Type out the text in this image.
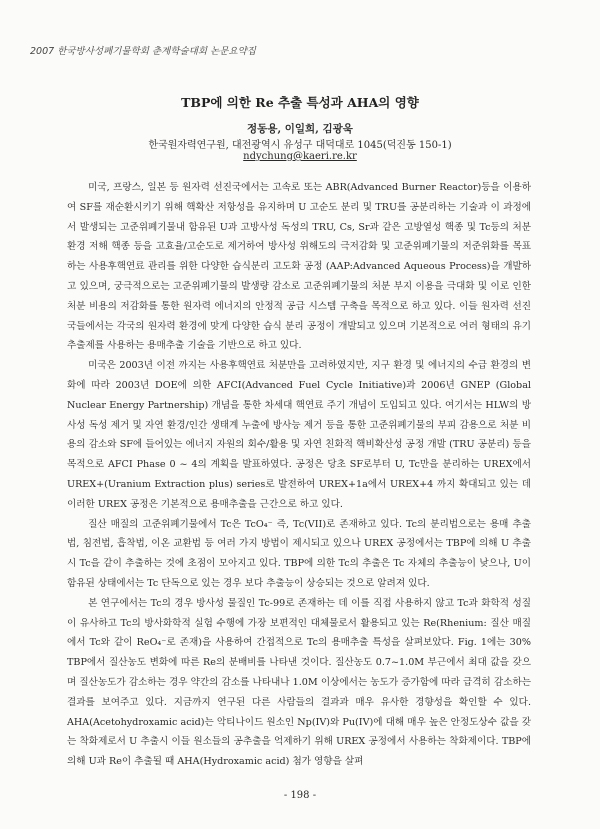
2007 한국방사성폐기물학회 춘계학술대회 논문요약집
TBP에 의한 Re 추출 특성과 AHA의 영향
정동용, 이일희, 김광욱
한국원자력연구원, 대전광역시 유성구 대덕대로 1045(덕진동 150-1)
ndychung@kaeri.re.kr

미국, 프랑스, 일본 등 원자력 선진국에서는 고속로 또는 ABR(Advanced Burner Reactor)등을 이용하여 SF를 재순환시키기 위해 핵확산 저항성을 유지하며 U 고순도 분리 및 TRU를 공분리하는 기술과 이 과정에서 발생되는 고준위폐기물내 함유된 U과 고방사성 독성의 TRU, Cs, Sr과 같은 고방열성 핵종 및 Tc등의 처분 환경 저해 핵종 등을 고효율/고순도로 제거하여 방사성 위해도의 극저감화 및 고준위폐기물의 저준위화를 목표하는 사용후핵연료 관리를 위한 다양한 습식분리 고도화 공정 (AAP:Advanced Aqueous Process)을 개발하고 있으며, 궁극적으로는 고준위폐기물의 발생량 감소로 고준위폐기물의 처분 부지 이용을 극대화 및 이로 인한 처분 비용의 저감화를 통한 원자력 에너지의 안정적 공급 시스템 구축을 목적으로 하고 있다. 이들 원자력 선진국들에서는 각국의 원자력 환경에 맞게 다양한 습식 분리 공정이 개발되고 있으며 기본적으로 여러 형태의 유기 추출제를 사용하는 용매추출 기술을 기반으로 하고 있다.

미국은 2003년 이전 까지는 사용후핵연료 처분만을 고려하였지만, 지구 환경 및 에너지의 수급 환경의 변화에 따라 2003년 DOE에 의한 AFCI(Advanced Fuel Cycle Initiative)과 2006년 GNEP (Global Nuclear Energy Partnership) 개념을 통한 차세대 핵연료 주기 개념이 도입되고 있다. 여기서는 HLW의 방사성 독성 제거 및 자연 환경/인간 생태계 누출에 방사능 제거 등을 통한 고준위폐기물의 부피 감용으로 처분 비용의 감소와 SF에 들어있는 에너지 자원의 회수/활용 및 자연 친화적 핵비확산성 공정 개발 (TRU 공분리) 등을 목적으로 AFCI Phase 0 ~ 4의 계획을 발표하였다. 공정은 당초 SF로부터 U, Tc만을 분리하는 UREX에서 UREX+(Uranium Extraction plus) series로 발전하여 UREX+1a에서 UREX+4 까지 확대되고 있는 데 이러한 UREX 공정은 기본적으로 용매추출을 근간으로 하고 있다.

질산 매질의 고준위폐기물에서 Tc은 TcO₄⁻ 즉, Tc(VII)로 존재하고 있다. Tc의 분리법으로는 용매 추출법, 침전법, 흡착법, 이온 교환법 등 여러 가지 방법이 제시되고 있으나 UREX 공정에서는 TBP에 의해 U 추출시 Tc을 같이 추출하는 것에 초점이 모아지고 있다. TBP에 의한 Tc의 추출은 Tc 자체의 추출능이 낮으나, U이 함유된 상태에서는 Tc 단독으로 있는 경우 보다 추출능이 상승되는 것으로 알려져 있다.

본 연구에서는 Tc의 경우 방사성 물질인 Tc-99로 존재하는 데 이를 직접 사용하지 않고 Tc과 화학적 성질이 유사하고 Tc의 방사화학적 실험 수행에 가장 보편적인 대체물로서 활용되고 있는 Re(Rhenium: 질산 매질에서 Tc와 같이 ReO₄⁻로 존재)을 사용하여 간접적으로 Tc의 용매추출 특성을 살펴보았다. Fig. 1에는 30% TBP에서 질산농도 변화에 따른 Re의 분배비를 나타낸 것이다. 질산농도 0.7~1.0M 부근에서 최대 값을 갖으며 질산농도가 감소하는 경우 약간의 감소를 나타내나 1.0M 이상에서는 농도가 증가함에 따라 급격히 감소하는 결과를 보여주고 있다. 지금까지 연구된 다른 사람들의 결과과 매우 유사한 경향성을 확인할 수 있다. AHA(Acetohydroxamic acid)는 악티나이드 원소인 Np(IV)와 Pu(IV)에 대해 매우 높은 안정도상수 값을 갖는 착화제로서 U 추출시 이들 원소들의 공추출을 억제하기 위해 UREX 공정에서 사용하는 착화제이다. TBP에 의해 U과 Re이 추출될 때 AHA(Hydroxamic acid) 첨가 영향을 살펴

- 198 -
